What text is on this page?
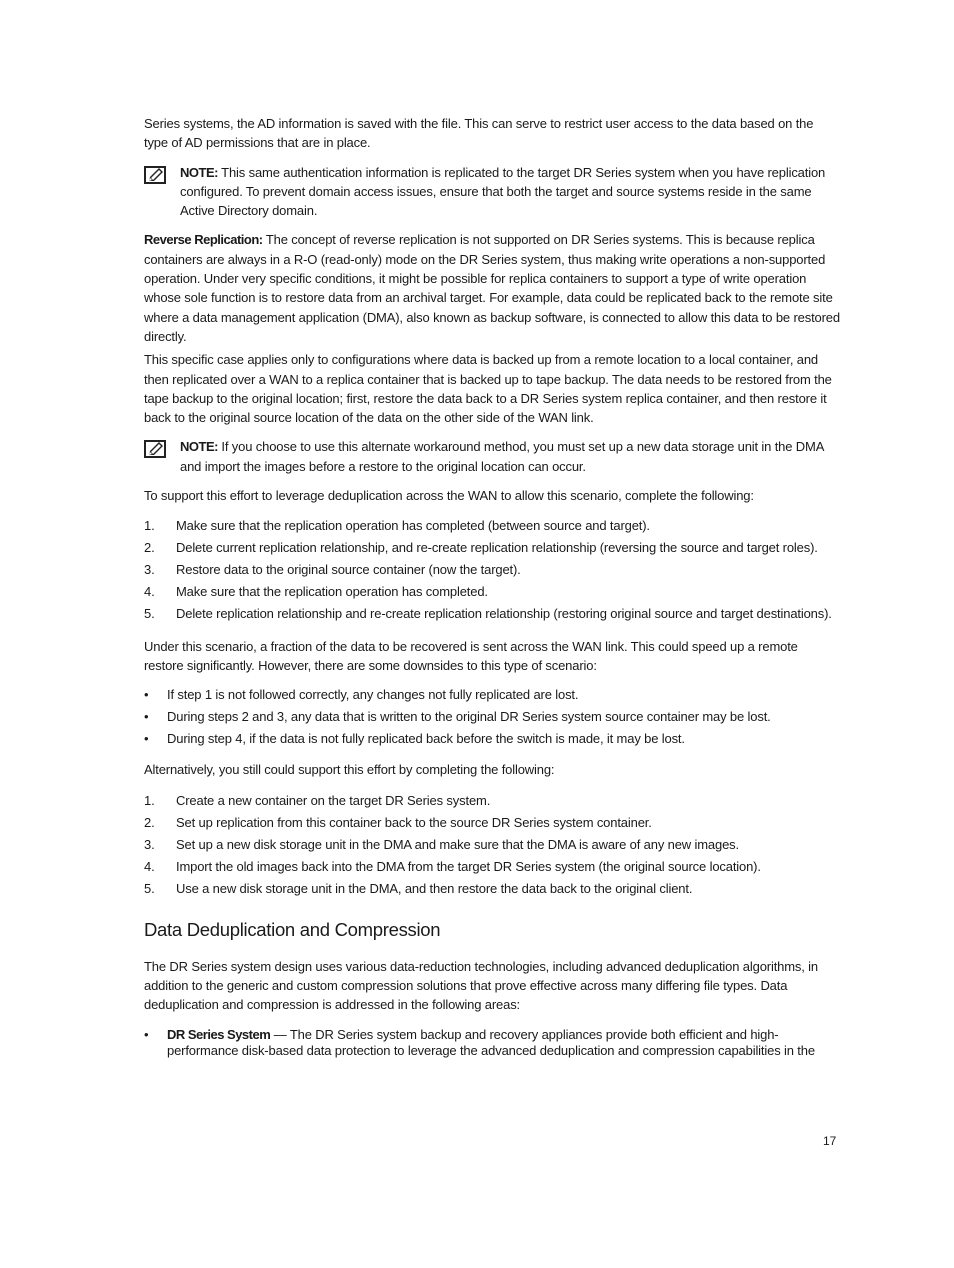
Series systems, the AD information is saved with the file. This can serve to restrict user access to the data based on the type of AD permissions that are in place.

NOTE: This same authentication information is replicated to the target DR Series system when you have replication configured. To prevent domain access issues, ensure that both the target and source systems reside in the same Active Directory domain.

Reverse Replication: The concept of reverse replication is not supported on DR Series systems. This is because replica containers are always in a R-O (read-only) mode on the DR Series system, thus making write operations a non-supported operation. Under very specific conditions, it might be possible for replica containers to support a type of write operation whose sole function is to restore data from an archival target. For example, data could be replicated back to the remote site where a data management application (DMA), also known as backup software, is connected to allow this data to be restored directly.

This specific case applies only to configurations where data is backed up from a remote location to a local container, and then replicated over a WAN to a replica container that is backed up to tape backup. The data needs to be restored from the tape backup to the original location; first, restore the data back to a DR Series system replica container, and then restore it back to the original source location of the data on the other side of the WAN link.

NOTE: If you choose to use this alternate workaround method, you must set up a new data storage unit in the DMA and import the images before a restore to the original location can occur.

To support this effort to leverage deduplication across the WAN to allow this scenario, complete the following:

1. Make sure that the replication operation has completed (between source and target).
2. Delete current replication relationship, and re-create replication relationship (reversing the source and target roles).
3. Restore data to the original source container (now the target).
4. Make sure that the replication operation has completed.
5. Delete replication relationship and re-create replication relationship (restoring original source and target destinations).

Under this scenario, a fraction of the data to be recovered is sent across the WAN link. This could speed up a remote restore significantly. However, there are some downsides to this type of scenario:

• If step 1 is not followed correctly, any changes not fully replicated are lost.
• During steps 2 and 3, any data that is written to the original DR Series system source container may be lost.
• During step 4, if the data is not fully replicated back before the switch is made, it may be lost.

Alternatively, you still could support this effort by completing the following:

1. Create a new container on the target DR Series system.
2. Set up replication from this container back to the source DR Series system container.
3. Set up a new disk storage unit in the DMA and make sure that the DMA is aware of any new images.
4. Import the old images back into the DMA from the target DR Series system (the original source location).
5. Use a new disk storage unit in the DMA, and then restore the data back to the original client.
Data Deduplication and Compression

The DR Series system design uses various data-reduction technologies, including advanced deduplication algorithms, in addition to the generic and custom compression solutions that prove effective across many differing file types. Data deduplication and compression is addressed in the following areas:

• DR Series System — The DR Series system backup and recovery appliances provide both efficient and high-performance disk-based data protection to leverage the advanced deduplication and compression capabilities in the
17
